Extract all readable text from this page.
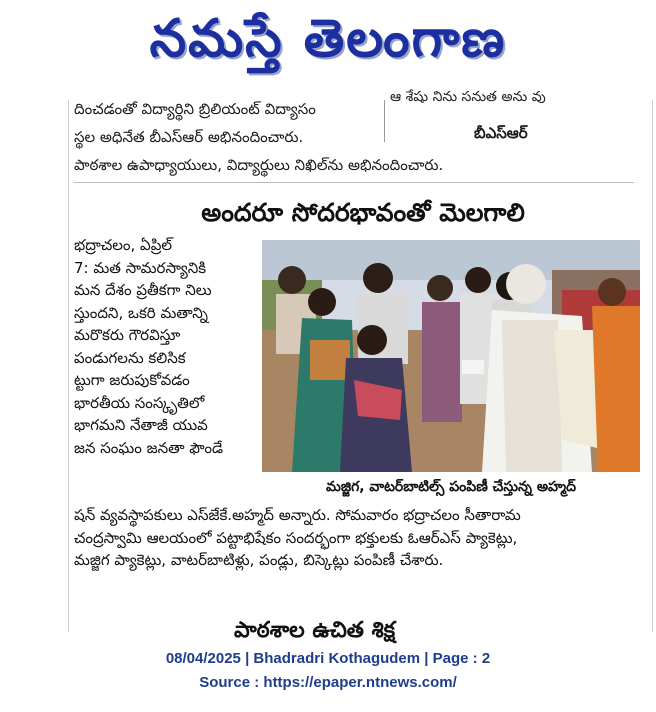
నమస్తే తెలంగాణ
ఆ శేషు నిను సనుత అను వు
దించడంతో విద్యార్థిని బ్రిలియంట్ విద్యాసం
స్థల అధినేత బీఎస్ఆర్ అభినందించారు.	బీఎస్ఆర్
పాఠశాల ఉపాధ్యాయులు, విద్యార్థులు నిఖిల్‌ను అభినందించారు.
అందరూ సోదరభావంతో మెలగాలి
భద్రాచలం, ఏప్రిల్
7: మత సామరస్యానికి
మన దేశం ప్రతీకగా నిలు
స్తుందని, ఒకరి మతాన్ని
మరొకరు గౌరవిస్తూ
పండుగలను కలిసిక
ట్టుగా జరుపుకోవడం
భారతీయ సంస్కృతిలో
భాగమని నేతాజీ యువ
జన సంఘం జనతా ఫౌండే
మజ్జిగ, వాటర్‌బాటిల్స్ పంపిణీ చేస్తున్న అహ్మద్
షన్ వ్యవస్థాపకులు ఎస్‌జేకే.అహ్మద్ అన్నారు. సోమవారం భద్రాచలం సీతారామ
చంద్రస్వామి ఆలయంలో పట్టాభిషేకం సందర్భంగా భక్తులకు ఓఆర్ఎస్ ప్యాకెట్లు,
మజ్జిగ ప్యాకెట్లు, వాటర్‌బాటిళ్లు, పండ్లు, బిస్కెట్లు పంపిణీ చేశారు.
పాఠశాల ఉచిత శిక్ష
08/04/2025 | Bhadradri Kothagudem | Page : 2
Source : https://epaper.ntnews.com/
